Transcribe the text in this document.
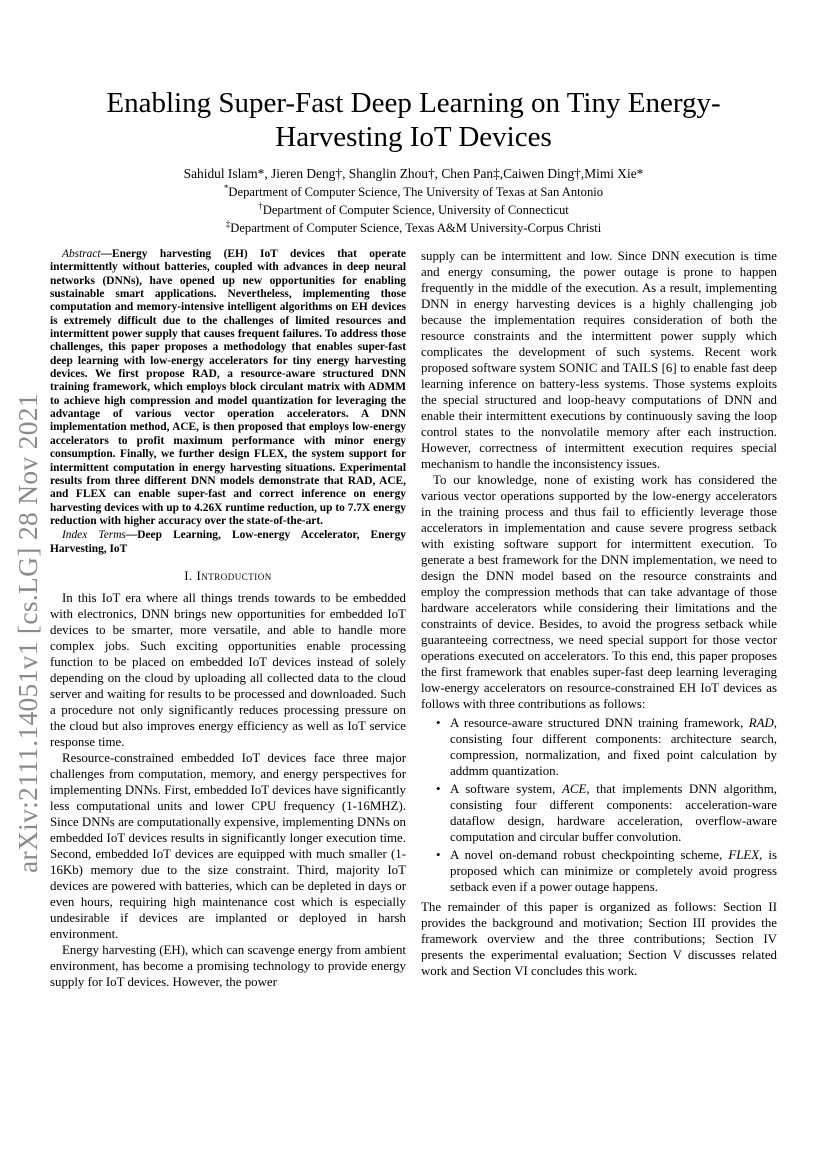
Enabling Super-Fast Deep Learning on Tiny Energy-Harvesting IoT Devices
Sahidul Islam*, Jieren Deng†, Shanglin Zhou†, Chen Pan‡,Caiwen Ding†,Mimi Xie*
*Department of Computer Science, The University of Texas at San Antonio
†Department of Computer Science, University of Connecticut
‡Department of Computer Science, Texas A&M University-Corpus Christi
arXiv:2111.14051v1 [cs.LG] 28 Nov 2021

Abstract—Energy harvesting (EH) IoT devices that operate intermittently without batteries, coupled with advances in deep neural networks (DNNs), have opened up new opportunities for enabling sustainable smart applications. Nevertheless, implementing those computation and memory-intensive intelligent algorithms on EH devices is extremely difficult due to the challenges of limited resources and intermittent power supply that causes frequent failures. To address those challenges, this paper proposes a methodology that enables super-fast deep learning with low-energy accelerators for tiny energy harvesting devices. We first propose RAD, a resource-aware structured DNN training framework, which employs block circulant matrix with ADMM to achieve high compression and model quantization for leveraging the advantage of various vector operation accelerators. A DNN implementation method, ACE, is then proposed that employs low-energy accelerators to profit maximum performance with minor energy consumption. Finally, we further design FLEX, the system support for intermittent computation in energy harvesting situations. Experimental results from three different DNN models demonstrate that RAD, ACE, and FLEX can enable super-fast and correct inference on energy harvesting devices with up to 4.26X runtime reduction, up to 7.7X energy reduction with higher accuracy over the state-of-the-art.

Index Terms—Deep Learning, Low-energy Accelerator, Energy Harvesting, IoT

I. Introduction

In this IoT era where all things trends towards to be embedded with electronics, DNN brings new opportunities for embedded IoT devices to be smarter, more versatile, and able to handle more complex jobs. Such exciting opportunities enable processing function to be placed on embedded IoT devices instead of solely depending on the cloud by uploading all collected data to the cloud server and waiting for results to be processed and downloaded. Such a procedure not only significantly reduces processing pressure on the cloud but also improves energy efficiency as well as IoT service response time.

Resource-constrained embedded IoT devices face three major challenges from computation, memory, and energy perspectives for implementing DNNs. First, embedded IoT devices have significantly less computational units and lower CPU frequency (1-16MHZ). Since DNNs are computationally expensive, implementing DNNs on embedded IoT devices results in significantly longer execution time. Second, embedded IoT devices are equipped with much smaller (1-16Kb) memory due to the size constraint. Third, majority IoT devices are powered with batteries, which can be depleted in days or even hours, requiring high maintenance cost which is especially undesirable if devices are implanted or deployed in harsh environment.

Energy harvesting (EH), which can scavenge energy from ambient environment, has become a promising technology to provide energy supply for IoT devices. However, the power

supply can be intermittent and low. Since DNN execution is time and energy consuming, the power outage is prone to happen frequently in the middle of the execution. As a result, implementing DNN in energy harvesting devices is a highly challenging job because the implementation requires consideration of both the resource constraints and the intermittent power supply which complicates the development of such systems. Recent work proposed software system SONIC and TAILS [6] to enable fast deep learning inference on battery-less systems. Those systems exploits the special structured and loop-heavy computations of DNN and enable their intermittent executions by continuously saving the loop control states to the nonvolatile memory after each instruction. However, correctness of intermittent execution requires special mechanism to handle the inconsistency issues.

To our knowledge, none of existing work has considered the various vector operations supported by the low-energy accelerators in the training process and thus fail to efficiently leverage those accelerators in implementation and cause severe progress setback with existing software support for intermittent execution. To generate a best framework for the DNN implementation, we need to design the DNN model based on the resource constraints and employ the compression methods that can take advantage of those hardware accelerators while considering their limitations and the constraints of device. Besides, to avoid the progress setback while guaranteeing correctness, we need special support for those vector operations executed on accelerators. To this end, this paper proposes the first framework that enables super-fast deep learning leveraging low-energy accelerators on resource-constrained EH IoT devices as follows with three contributions as follows:

• A resource-aware structured DNN training framework, RAD, consisting four different components: architecture search, compression, normalization, and fixed point calculation by addmm quantization.
• A software system, ACE, that implements DNN algorithm, consisting four different components: acceleration-ware dataflow design, hardware acceleration, overflow-aware computation and circular buffer convolution.
• A novel on-demand robust checkpointing scheme, FLEX, is proposed which can minimize or completely avoid progress setback even if a power outage happens.

The remainder of this paper is organized as follows: Section II provides the background and motivation; Section III provides the framework overview and the three contributions; Section IV presents the experimental evaluation; Section V discusses related work and Section VI concludes this work.
